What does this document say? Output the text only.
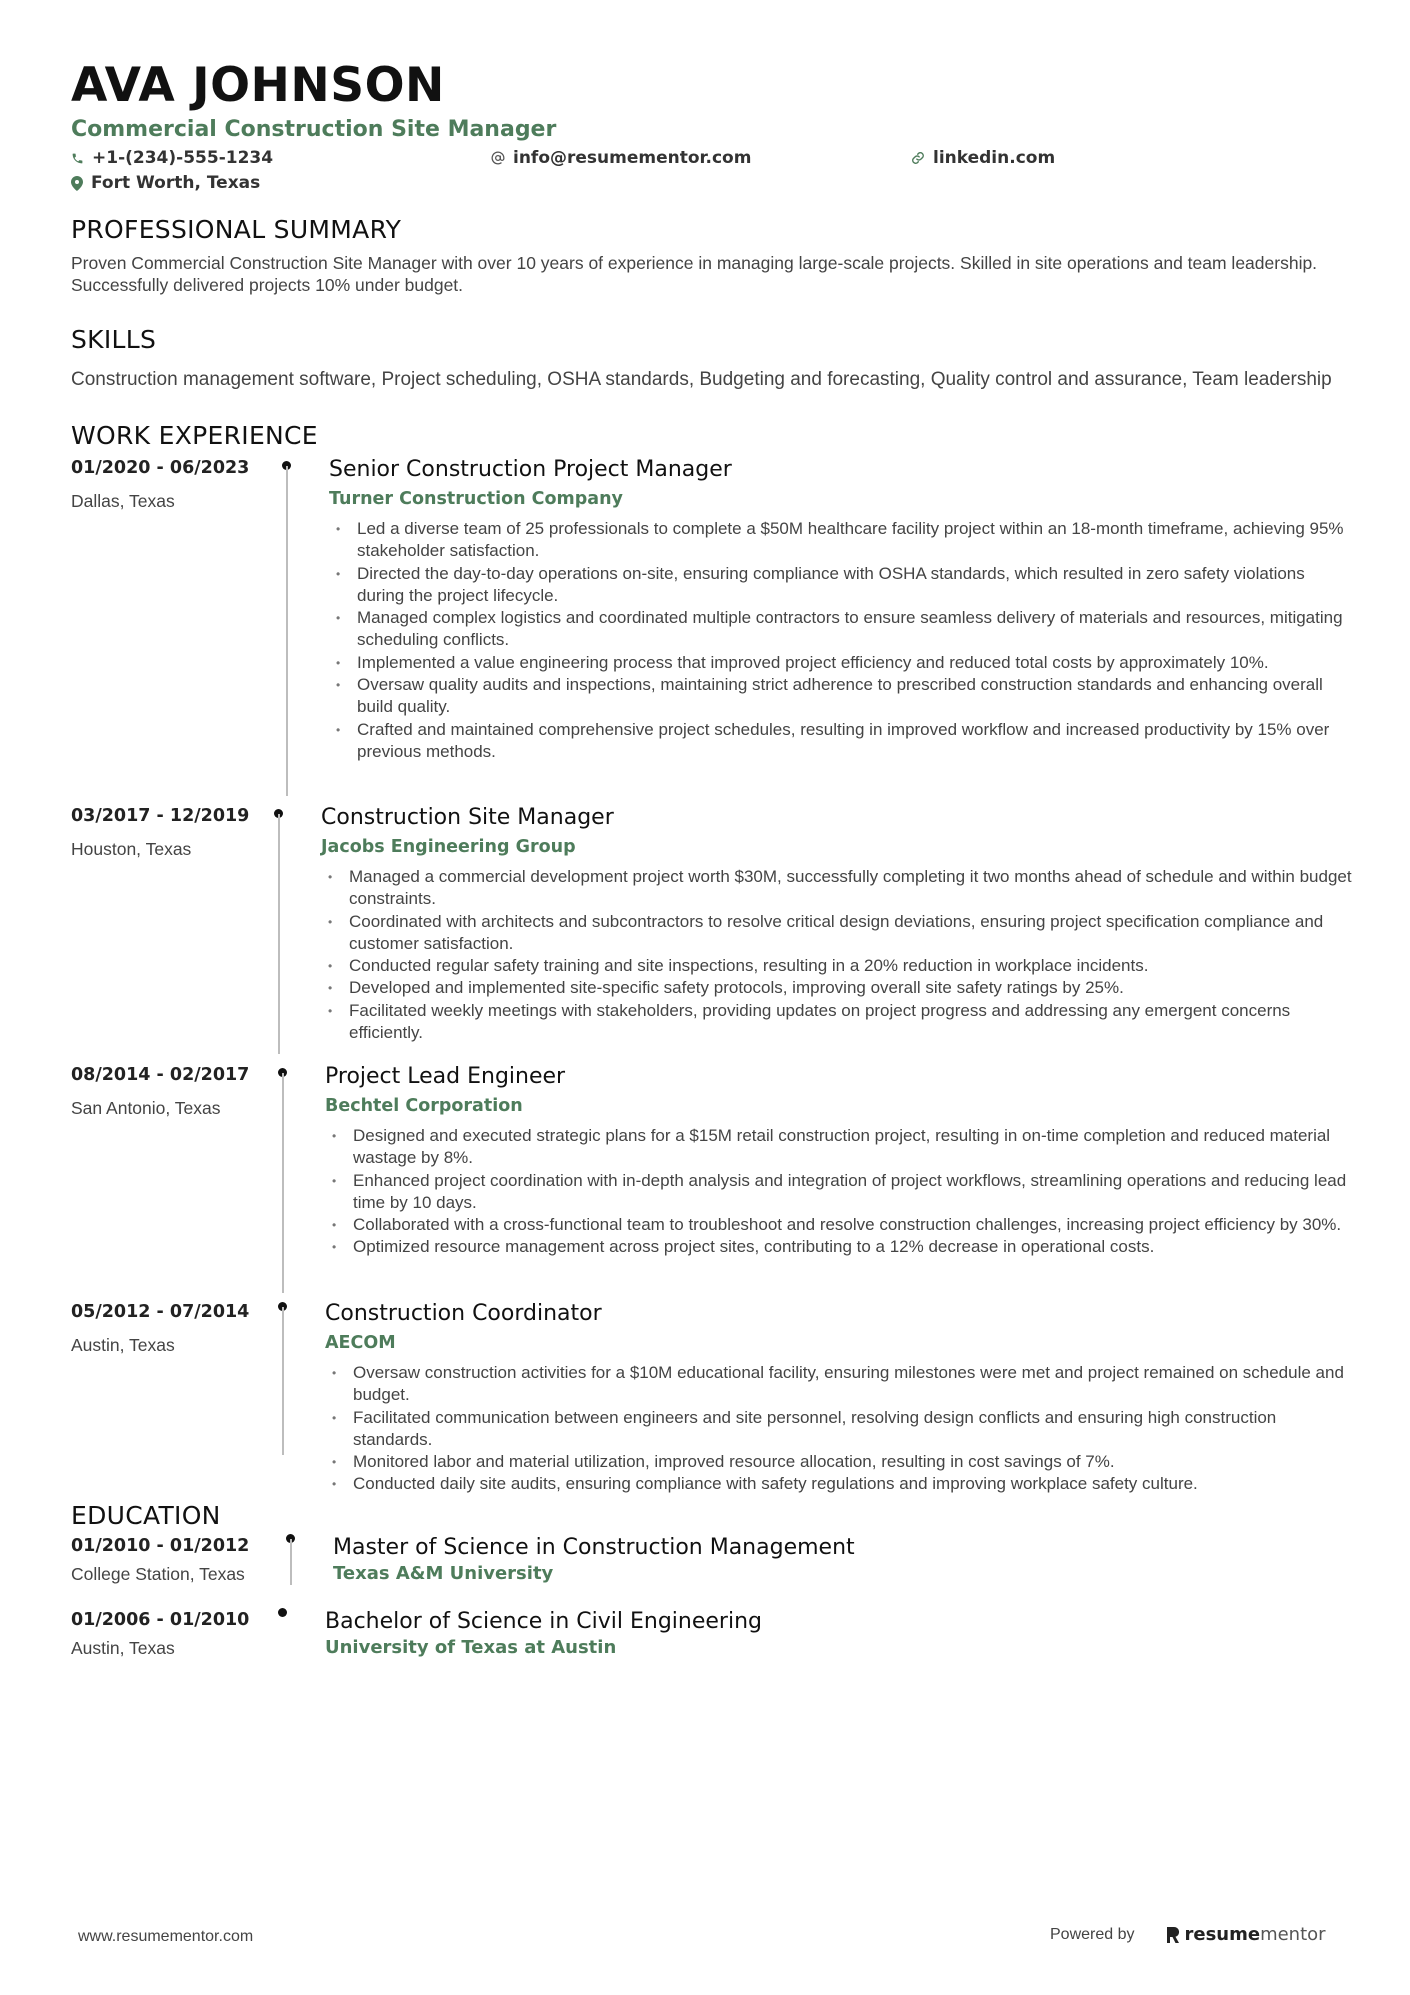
AVA JOHNSON
Commercial Construction Site Manager
+1-(234)-555-1234	info@resumementor.com	linkedin.com
Fort Worth, Texas
PROFESSIONAL SUMMARY
Proven Commercial Construction Site Manager with over 10 years of experience in managing large-scale projects. Skilled in site operations and team leadership. Successfully delivered projects 10% under budget.
SKILLS
Construction management software, Project scheduling, OSHA standards, Budgeting and forecasting, Quality control and assurance, Team leadership
WORK EXPERIENCE
01/2020 - 06/2023
Dallas, Texas
Senior Construction Project Manager
Turner Construction Company
• Led a diverse team of 25 professionals to complete a $50M healthcare facility project within an 18-month timeframe, achieving 95% stakeholder satisfaction.
• Directed the day-to-day operations on-site, ensuring compliance with OSHA standards, which resulted in zero safety violations during the project lifecycle.
• Managed complex logistics and coordinated multiple contractors to ensure seamless delivery of materials and resources, mitigating scheduling conflicts.
• Implemented a value engineering process that improved project efficiency and reduced total costs by approximately 10%.
• Oversaw quality audits and inspections, maintaining strict adherence to prescribed construction standards and enhancing overall build quality.
• Crafted and maintained comprehensive project schedules, resulting in improved workflow and increased productivity by 15% over previous methods.
03/2017 - 12/2019
Houston, Texas
Construction Site Manager
Jacobs Engineering Group
• Managed a commercial development project worth $30M, successfully completing it two months ahead of schedule and within budget constraints.
• Coordinated with architects and subcontractors to resolve critical design deviations, ensuring project specification compliance and customer satisfaction.
• Conducted regular safety training and site inspections, resulting in a 20% reduction in workplace incidents.
• Developed and implemented site-specific safety protocols, improving overall site safety ratings by 25%.
• Facilitated weekly meetings with stakeholders, providing updates on project progress and addressing any emergent concerns efficiently.
08/2014 - 02/2017
San Antonio, Texas
Project Lead Engineer
Bechtel Corporation
• Designed and executed strategic plans for a $15M retail construction project, resulting in on-time completion and reduced material wastage by 8%.
• Enhanced project coordination with in-depth analysis and integration of project workflows, streamlining operations and reducing lead time by 10 days.
• Collaborated with a cross-functional team to troubleshoot and resolve construction challenges, increasing project efficiency by 30%.
• Optimized resource management across project sites, contributing to a 12% decrease in operational costs.
05/2012 - 07/2014
Austin, Texas
Construction Coordinator
AECOM
• Oversaw construction activities for a $10M educational facility, ensuring milestones were met and project remained on schedule and budget.
• Facilitated communication between engineers and site personnel, resolving design conflicts and ensuring high construction standards.
• Monitored labor and material utilization, improved resource allocation, resulting in cost savings of 7%.
• Conducted daily site audits, ensuring compliance with safety regulations and improving workplace safety culture.
EDUCATION
01/2010 - 01/2012
College Station, Texas
Master of Science in Construction Management
Texas A&M University
01/2006 - 01/2010
Austin, Texas
Bachelor of Science in Civil Engineering
University of Texas at Austin
www.resumementor.com	Powered by	resume mentor
